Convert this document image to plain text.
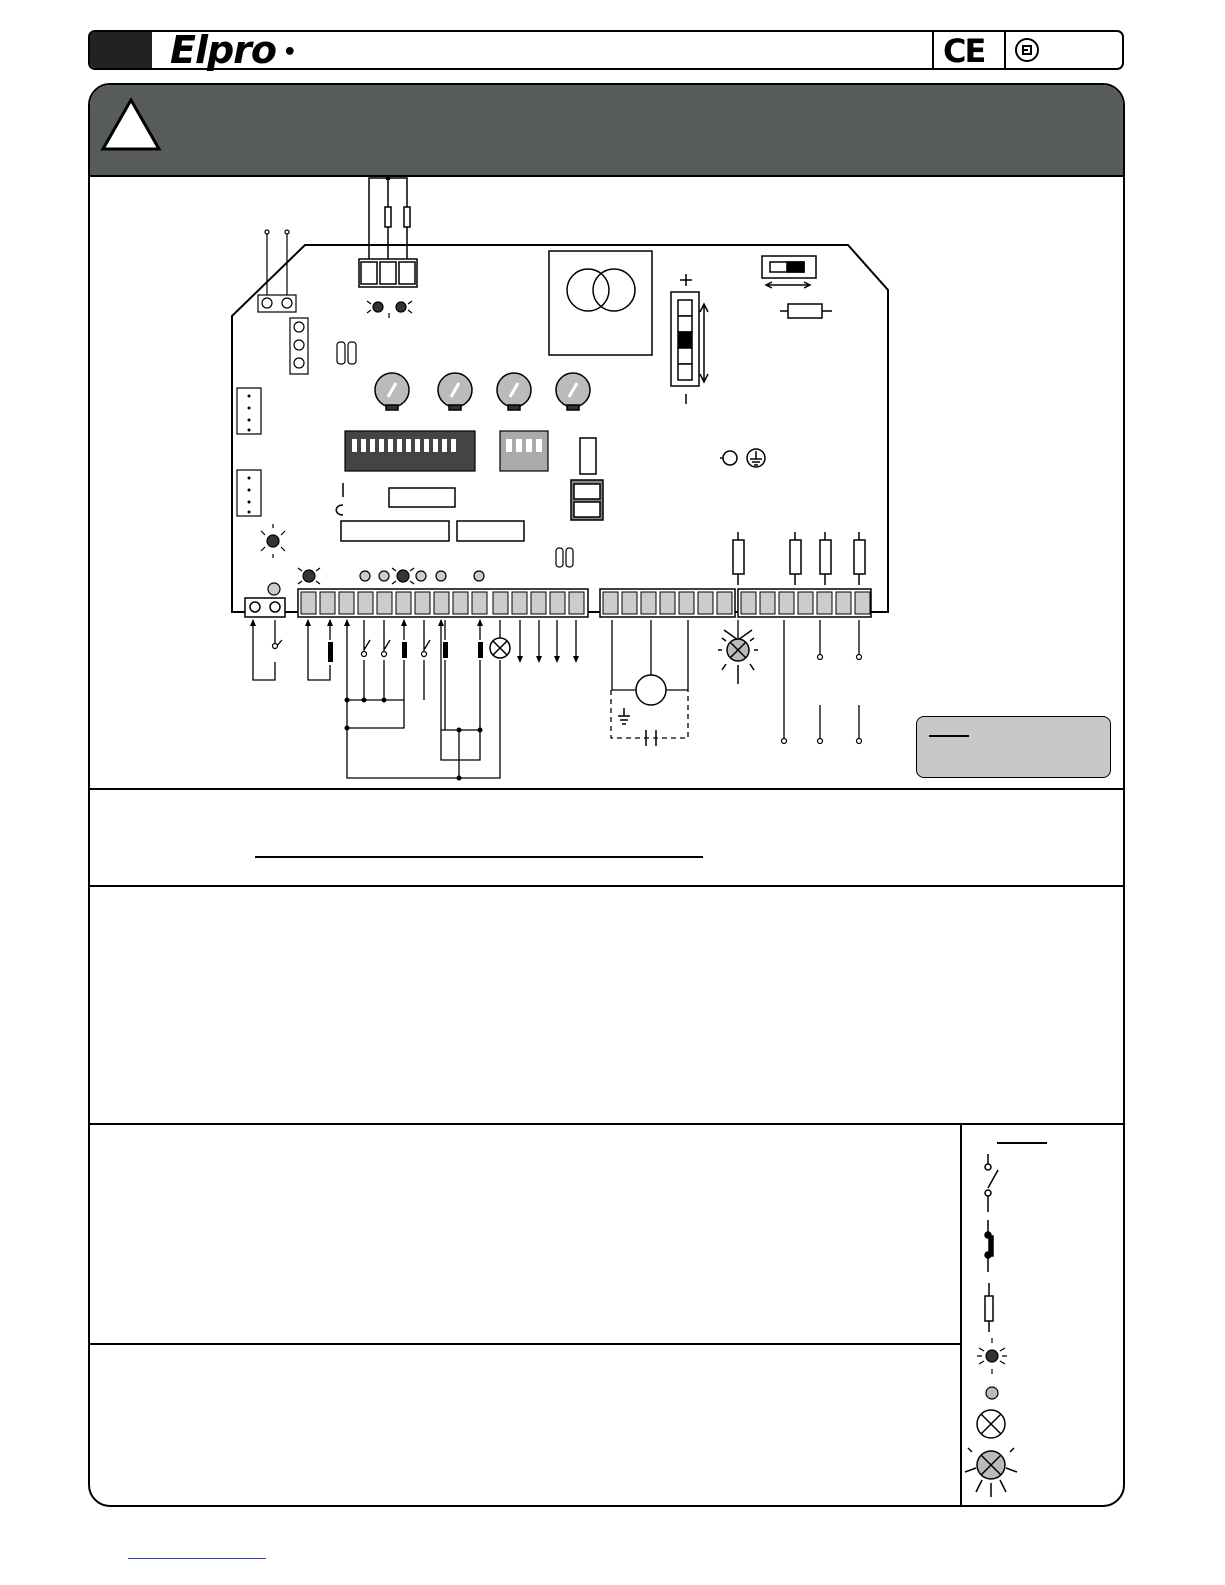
Elpro •	CE
